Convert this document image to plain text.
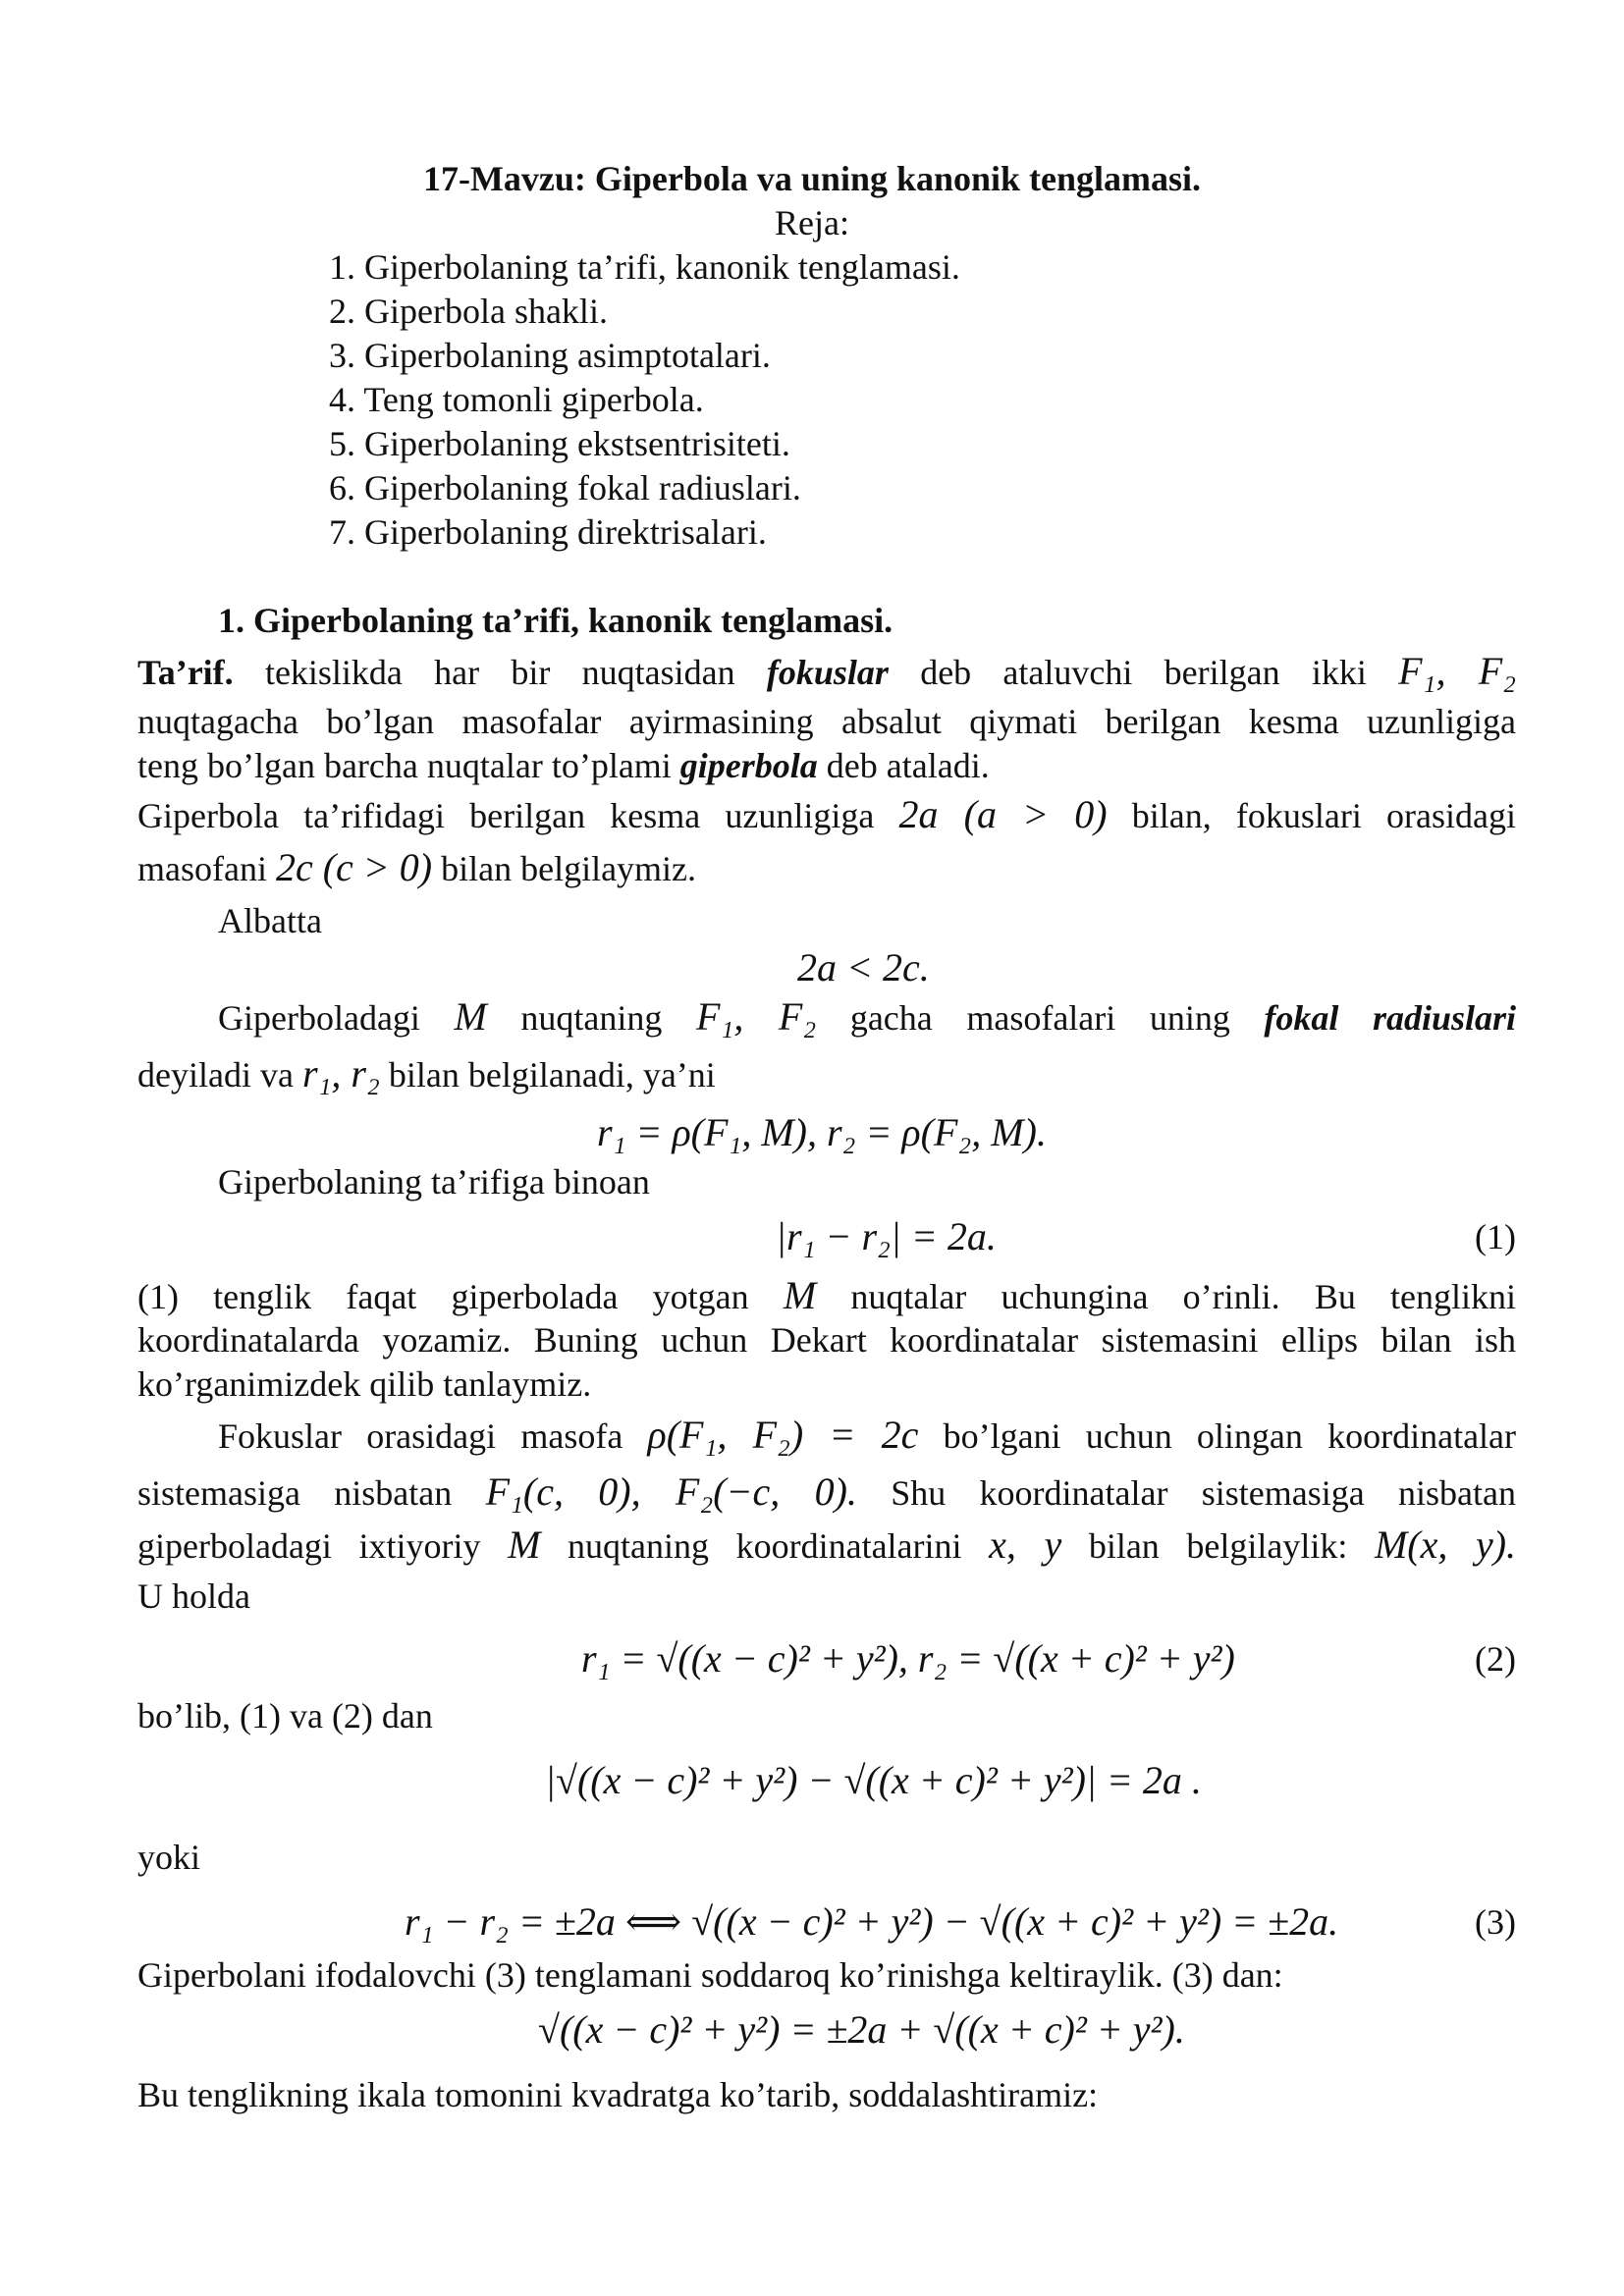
17-Mavzu: Giperbola va uning kanonik tenglamasi.
Reja:
1. Giperbolaning ta’rifi, kanonik tenglamasi.
2. Giperbola shakli.
3. Giperbolaning asimptotalari.
4. Teng tomonli giperbola.
5. Giperbolaning ekstsentrisiteti.
6. Giperbolaning fokal radiuslari.
7. Giperbolaning direktrisalari.
1. Giperbolaning ta’rifi, kanonik tenglamasi.
Ta’rif. tekislikda har bir nuqtasidan fokuslar deb ataluvchi berilgan ikki F₁, F₂
nuqtagacha bo’lgan masofalar ayirmasining absalut qiymati berilgan kesma uzunligiga
teng bo’lgan barcha nuqtalar to’plami giperbola deb ataladi.
Giperbola ta’rifidagi berilgan kesma uzunligiga 2a (a > 0) bilan, fokuslari orasidagi
masofani 2c (c > 0) bilan belgilaymiz.
Albatta
2a < 2c.
Giperboladagi M nuqtaning F₁, F₂ gacha masofalari uning fokal radiuslari
deyiladi va r₁, r₂ bilan belgilanadi, ya’ni
r₁ = ρ(F₁, M), r₂ = ρ(F₂, M).
Giperbolaning ta’rifiga binoan
|r₁ − r₂| = 2a.	(1)
(1) tenglik faqat giperbolada yotgan M nuqtalar uchungina o’rinli. Bu tenglikni
koordinatalarda yozamiz. Buning uchun Dekart koordinatalar sistemasini ellips bilan ish
ko’rganimizdek qilib tanlaymiz.
Fokuslar orasidagi masofa ρ(F₁, F₂) = 2c bo’lgani uchun olingan koordinatalar
sistemasiga nisbatan F₁(c, 0), F₂(−c, 0). Shu koordinatalar sistemasiga nisbatan
giperboladagi ixtiyoriy M nuqtaning koordinatalarini x, y bilan belgilaylik: M(x, y).
U holda
r₁ = √((x − c)² + y²), r₂ = √((x + c)² + y²)	(2)
bo’lib, (1) va (2) dan
|√((x − c)² + y²) − √((x + c)² + y²)| = 2a .
yoki
r₁ − r₂ = ±2a ⟺ √((x − c)² + y²) − √((x + c)² + y²) = ±2a.	(3)
Giperbolani ifodalovchi (3) tenglamani soddaroq ko’rinishga keltiraylik. (3) dan:
√((x − c)² + y²) = ±2a + √((x + c)² + y²).
Bu tenglikning ikala tomonini kvadratga ko’tarib, soddalashtiramiz:
